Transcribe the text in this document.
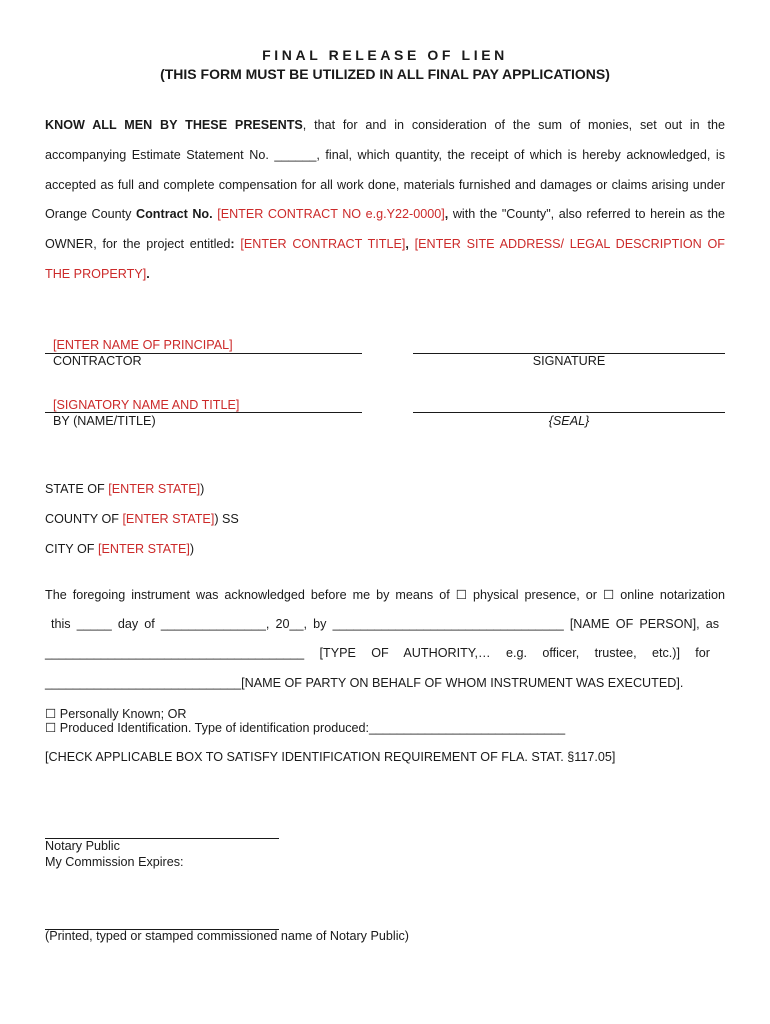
FINAL RELEASE OF LIEN
(THIS FORM MUST BE UTILIZED IN ALL FINAL PAY APPLICATIONS)
KNOW ALL MEN BY THESE PRESENTS, that for and in consideration of the sum of monies, set out in the
accompanying Estimate Statement No. ______, final, which quantity, the receipt of which is hereby acknowledged, is
accepted as full and complete compensation for all work done, materials furnished and damages or claims arising under
Orange County Contract No. [ENTER CONTRACT NO e.g.Y22-0000], with the "County", also referred to herein as the
OWNER, for the project entitled: [ENTER CONTRACT TITLE], [ENTER SITE ADDRESS/ LEGAL DESCRIPTION OF
THE PROPERTY].
[ENTER NAME OF PRINCIPAL]
CONTRACTOR	SIGNATURE
[SIGNATORY NAME AND TITLE]
BY (NAME/TITLE)	{SEAL}
STATE OF [ENTER STATE])
COUNTY OF [ENTER STATE]) SS
CITY OF [ENTER STATE])
The foregoing instrument was acknowledged before me by means of ☐ physical presence, or ☐ online notarization
this _____ day of _______________, 20__, by _________________________________ [NAME OF PERSON], as
_____________________________________ [TYPE OF AUTHORITY,… e.g. officer, trustee, etc.)] for
____________________________[NAME OF PARTY ON BEHALF OF WHOM INSTRUMENT WAS EXECUTED].
☐ Personally Known; OR
☐ Produced Identification. Type of identification produced:____________________________
[CHECK APPLICABLE BOX TO SATISFY IDENTIFICATION REQUIREMENT OF FLA. STAT. §117.05]
Notary Public
My Commission Expires:
(Printed, typed or stamped commissioned name of Notary Public)
